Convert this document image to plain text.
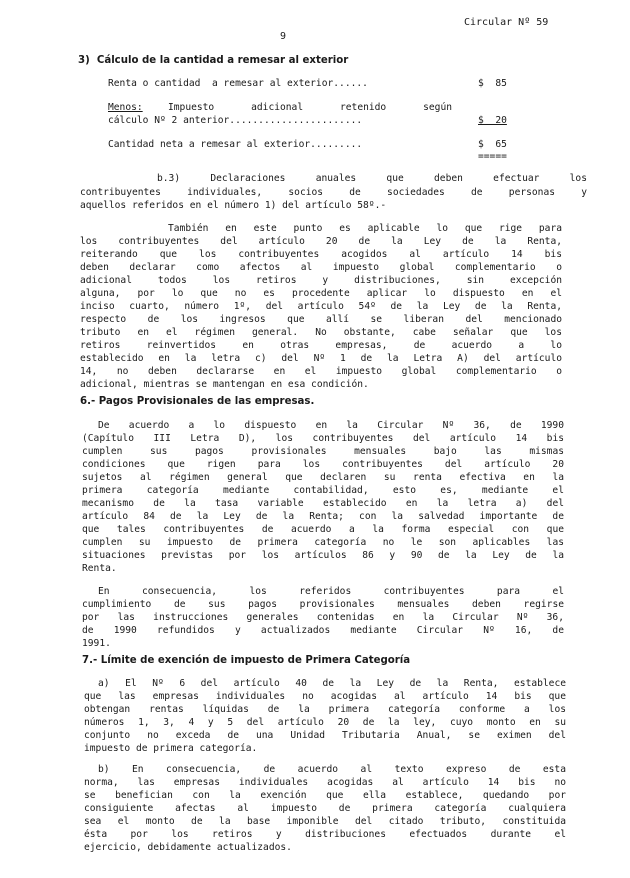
9
Circular Nº 59
3)  Cálculo de la cantidad a remesar al exterior
Renta o cantidad  a remesar al exterior......	$  85
Menos:	Impuesto adicional retenido según
cálculo Nº 2 anterior.......................	$  20
Cantidad neta a remesar al exterior.........	$  65
=====
b.3) Declaraciones anuales que deben efectuar los
contribuyentes individuales, socios de sociedades de personas y
aquellos referidos en el número 1) del artículo 58º.-
También en este punto es aplicable lo que rige para
los contribuyentes del artículo 20 de la Ley de la Renta,
reiterando que los contribuyentes acogidos al artículo 14 bis
deben declarar como afectos al impuesto global complementario o
adicional todos los retiros y distribuciones, sin excepción
alguna, por lo que no es procedente aplicar lo dispuesto en el
inciso cuarto, número 1º, del artículo 54º de la Ley de la Renta,
respecto de los ingresos que allí se liberan del mencionado
tributo en el régimen general. No obstante, cabe señalar que los
retiros reinvertidos en otras empresas, de acuerdo a lo
establecido en la letra c) del Nº 1 de la Letra A) del artículo
14, no deben declararse en el impuesto global complementario o
adicional, mientras se mantengan en esa condición.
6.- Pagos Provisionales de las empresas.
De acuerdo a lo dispuesto en la Circular Nº 36, de 1990
(Capítulo III Letra D), los contribuyentes del artículo 14 bis
cumplen sus pagos provisionales mensuales bajo las mismas
condiciones que rigen para los contribuyentes del artículo 20
sujetos al régimen general que declaren su renta efectiva en la
primera categoría mediante contabilidad, esto es, mediante el
mecanismo de la tasa variable establecido en la letra a) del
artículo 84 de la Ley de la Renta; con la salvedad importante de
que tales contribuyentes de acuerdo a la forma especial con que
cumplen su impuesto de primera categoría no le son aplicables las
situaciones previstas por los artículos 86 y 90 de la Ley de la
Renta.
En consecuencia, los referidos contribuyentes para el
cumplimiento de sus pagos provisionales mensuales deben regirse
por las instrucciones generales contenidas en la Circular Nº 36,
de 1990 refundidos y actualizados mediante Circular Nº 16, de
1991.
7.- Límite de exención de impuesto de Primera Categoría
a) El Nº 6 del artículo 40 de la Ley de la Renta, establece
que las empresas individuales no acogidas al artículo 14 bis que
obtengan rentas líquidas de la primera categoría conforme a los
números 1, 3, 4 y 5 del artículo 20 de la ley, cuyo monto en su
conjunto no exceda de una Unidad Tributaria Anual, se eximen del
impuesto de primera categoría.
b) En consecuencia, de acuerdo al texto expreso de esta
norma, las empresas individuales acogidas al artículo 14 bis no
se benefician con la exención que ella establece, quedando por
consiguiente afectas al impuesto de primera categoría cualquiera
sea el monto de la base imponible del citado tributo, constituida
ésta por los retiros y distribuciones efectuados durante el
ejercicio, debidamente actualizados.
